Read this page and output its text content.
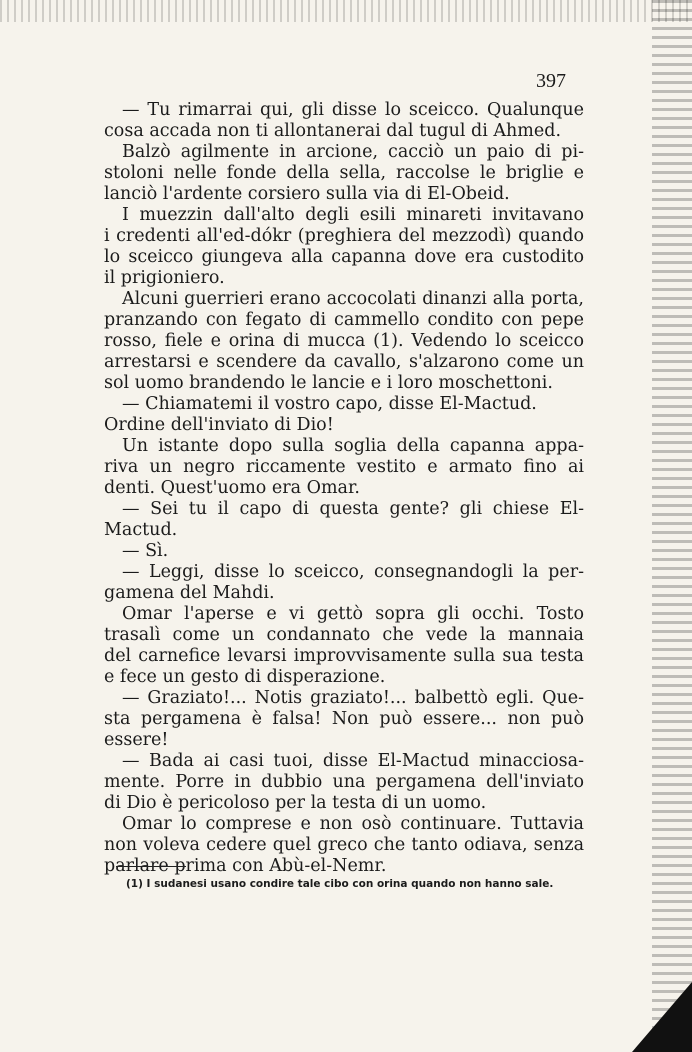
397
— Tu rimarrai qui, gli disse lo sceicco. Qualunque
cosa accada non ti allontanerai dal tugul di Ahmed.
Balzò agilmente in arcione, cacciò un paio di pi-
stoloni nelle fonde della sella, raccolse le briglie e
lanciò l'ardente corsiero sulla via di El-Obeid.
I muezzin dall'alto degli esili minareti invitavano
i credenti all'ed-dókr (preghiera del mezzodì) quando
lo sceicco giungeva alla capanna dove era custodito
il prigioniero.
Alcuni guerrieri erano accocolati dinanzi alla porta,
pranzando con fegato di cammello condito con pepe
rosso, fiele e orina di mucca (1). Vedendo lo sceicco
arrestarsi e scendere da cavallo, s'alzarono come un
sol uomo brandendo le lancie e i loro moschettoni.
— Chiamatemi il vostro capo, disse El-Mactud.
Ordine dell'inviato di Dio!
Un istante dopo sulla soglia della capanna appa-
riva un negro riccamente vestito e armato fino ai
denti. Quest'uomo era Omar.
— Sei tu il capo di questa gente? gli chiese El-
Mactud.
— Sì.
— Leggi, disse lo sceicco, consegnandogli la per-
gamena del Mahdi.
Omar l'aperse e vi gettò sopra gli occhi. Tosto
trasalì come un condannato che vede la mannaia
del carnefice levarsi improvvisamente sulla sua testa
e fece un gesto di disperazione.
— Graziato!... Notis graziato!... balbettò egli. Que-
sta pergamena è falsa! Non può essere... non può
essere!
— Bada ai casi tuoi, disse El-Mactud minacciosa-
mente. Porre in dubbio una pergamena dell'inviato
di Dio è pericoloso per la testa di un uomo.
Omar lo comprese e non osò continuare. Tuttavia
non voleva cedere quel greco che tanto odiava, senza
parlare prima con Abù-el-Nemr.
(1) I sudanesi usano condire tale cibo con orina quando non hanno sale.
